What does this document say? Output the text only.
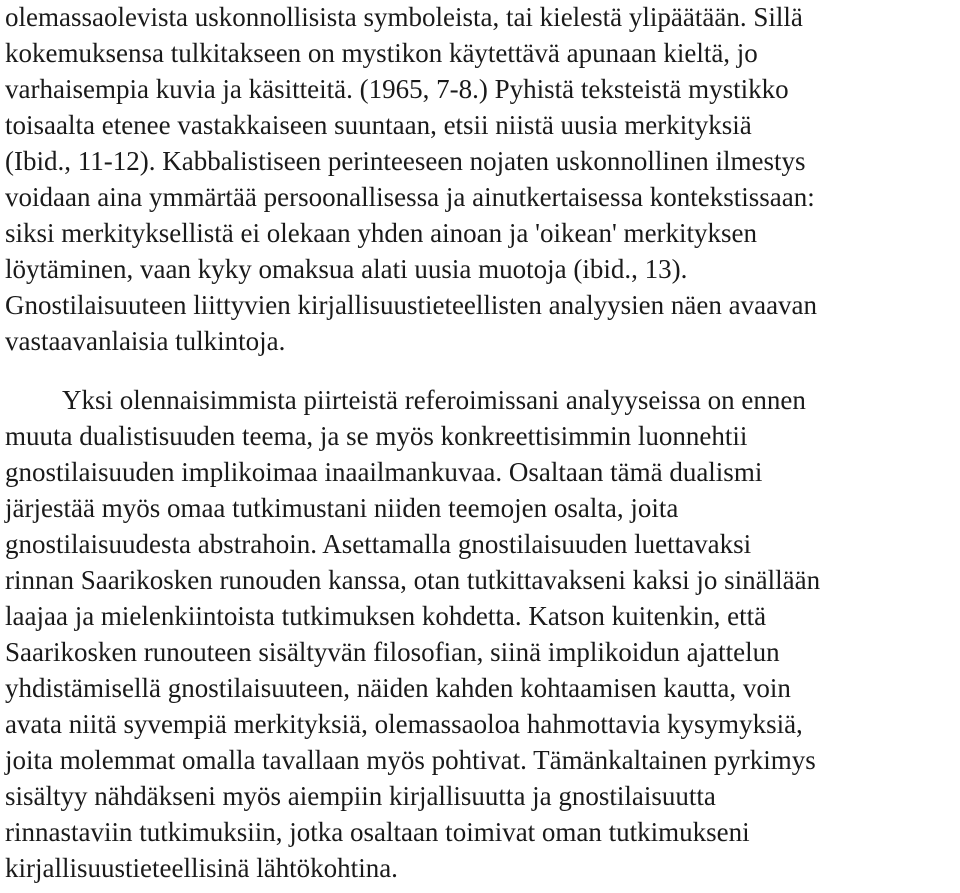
olemassaolevista uskonnollisista symboleista, tai kielestä ylipäätään. Sillä
kokemuksensa tulkitakseen on mystikon käytettävä apunaan kieltä, jo
varhaisempia kuvia ja käsitteitä. (1965, 7-8.) Pyhistä teksteistä mystikko
toisaalta etenee vastakkaiseen suuntaan, etsii niistä uusia merkityksiä
(Ibid., 11-12). Kabbalistiseen perinteeseen nojaten uskonnollinen ilmestys
voidaan aina ymmärtää persoonallisessa ja ainutkertaisessa kontekstissaan:
siksi merkityksellistä ei olekaan yhden ainoan ja 'oikean' merkityksen
löytäminen, vaan kyky omaksua alati uusia muotoja (ibid., 13).
Gnostilaisuuteen liittyvien kirjallisuustieteellisten analyysien näen avaavan
vastaavanlaisia tulkintoja.
Yksi olennaisimmista piirteistä referoimissani analyyseissa on ennen
muuta dualistisuuden teema, ja se myös konkreettisimmin luonnehtii
gnostilaisuuden implikoimaa inaailmankuvaa. Osaltaan tämä dualismi
järjestää myös omaa tutkimustani niiden teemojen osalta, joita
gnostilaisuudesta abstrahoin. Asettamalla gnostilaisuuden luettavaksi
rinnan Saarikosken runouden kanssa, otan tutkittavakseni kaksi jo sinällään
laajaa ja mielenkiintoista tutkimuksen kohdetta. Katson kuitenkin, että
Saarikosken runouteen sisältyvän filosofian, siinä implikoidun ajattelun
yhdistämisellä gnostilaisuuteen, näiden kahden kohtaamisen kautta, voin
avata niitä syvempiä merkityksiä, olemassaoloa hahmottavia kysymyksiä,
joita molemmat omalla tavallaan myös pohtivat. Tämänkaltainen pyrkimys
sisältyy nähdäkseni myös aiempiin kirjallisuutta ja gnostilaisuutta
rinnastaviin tutkimuksiin, jotka osaltaan toimivat oman tutkimukseni
kirjallisuustieteellisinä lähtökohtina.
